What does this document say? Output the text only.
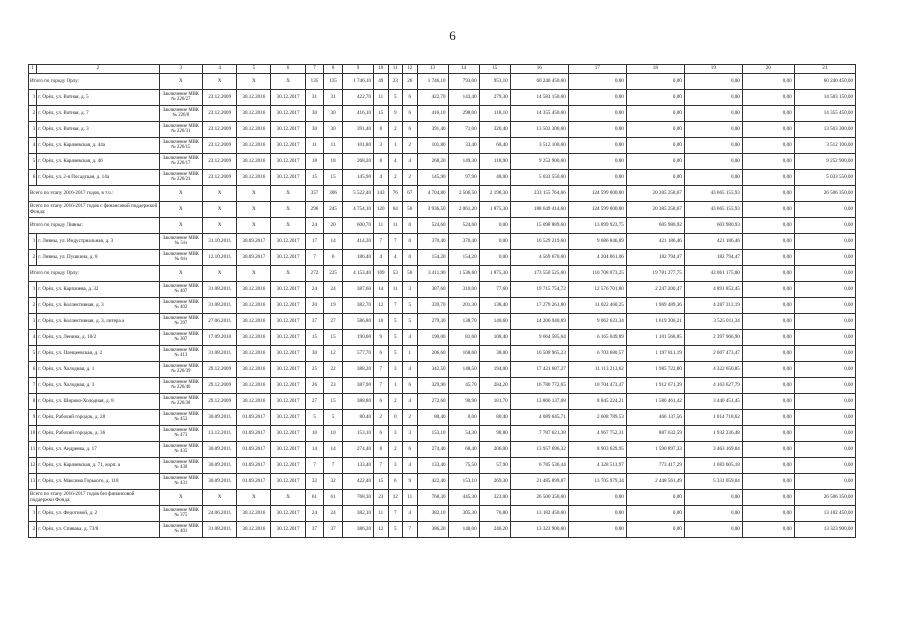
6
1	2	3	4	5	6	7	8	9	10	11	12	13	14	15	16	17	18	19	20	21
Итого по городу Орлу:		X	X	X	X	135	135	1 746,10	49	23	26	1 746,10	793,00	953,10	60 240 450,00	0,00	0,00	0,00	0,00	60 240 450,00
1	г. Орёл, ул. Ватная, д. 5	Заключение МВК № 226/27	23.12.2009	30.12.2016	30.12.2017	31	31	422,70	11	5	6	422,70	143,40	279,30	14 583 150,00	0,00	0,00	0,00	0,00	14 583 150,00
2	г. Орёл, ул. Ватная, д. 7	Заключение МВК № 226/8	23.12.2009	30.12.2016	30.12.2017	30	30	416,10	15	9	6	416,10	298,00	118,10	14 355 450,00	0,00	0,00	0,00	0,00	14 355 450,00
3	г. Орёл, ул. Ватная, д. 3	Заключение МВК № 226/31	23.12.2009	30.12.2016	30.12.2017	30	30	391,40	8	2	6	391,40	71,00	320,40	13 503 300,00	0,00	0,00	0,00	0,00	13 503 300,00
4	г. Орёл, ул. Карачевская, д. 44а	Заключение МВК № 226/15	23.12.2009	30.12.2016	30.12.2017	11	11	101,80	3	1	2	101,80	33,40	68,40	3 512 100,00	0,00	0,00	0,00	0,00	3 512 100,00
5	г. Орёл, ул. Карачевская, д. 46	Заключение МВК № 226/17	23.12.2009	30.12.2016	30.12.2017	18	18	268,20	8	4	4	268,20	149,30	118,90	9 252 900,00	0,00	0,00	0,00	0,00	9 252 900,00
6	г. Орёл, ул. 2-я Посадская, д. 14а	Заключение МВК № 226/21	23.12.2009	30.12.2016	30.12.2017	15	15	145,90	4	2	2	145,90	97,90	48,00	5 033 550,00	0,00	0,00	0,00	0,00	5 033 550,00
Всего по этапу 2016-2017 годов, в т.ч.:		X	X	X	X	357	306	5 522,40	143	76	67	4 704,80	2 506,50	2 198,30	233 155 764,66	124 599 000,00	20 285 258,67	43 665 155,93	0,00	26 506 350,00
Всего по этапу 2016-2017 годов с финансовой поддержкой Фонда:		X	X	X	X	296	245	4 754,10	120	64	56	3 936,50	2 061,20	1 875,30	188 649 414,60	124 599 000,00	20 385 258,67	43 665 155,93	0,00	0,00
Итого по городу Ливны:		X	X	X	X	24	20	600,70	11	11	0	524,60	524,60	0,00	15 098 889,60	13 899 923,75	605 980,92	603 980,93	0,00	0,00
1	г. Ливны, ул. Индустриальная, д. 3	Заключение МВК № 5/н	31.10.2011	30.09.2017	30.12.2017	17	14	414,30	7	7	0	370,40	370,40	0,00	10 529 219,60	9 686 846,09	421 186,46	421 186,46	0,00	0,00
2	г. Ливны, ул. Пушкина, д. 8	Заключение МВК № 6/н	12.10.2011	30.09.2017	30.12.2017	7	6	186,40	4	4	0	154,20	154,20	0,00	4 569 670,00	4 204 061,06	182 794,47	182 794,47	0,00	0,00
Итого по городу Орлу:		X	X	X	X	272	225	4 153,40	109	53	56	3 411,90	1 536,60	1 875,30	173 550 525,00	110 708 073,25	19 781 277,75	43 061 175,00	0,00	0,00
1	г. Орёл, ул. Карпачева, д. 32	Заключение МВК № 407	31.08.2011	30.12.2016	30.12.2017	24	24	387,60	14	11	3	387,60	310,00	77,60	19 715 754,72	12 576 701,80	2 247 200,47	4 891 852,45	0,00	0,00
2	г. Орёл, ул. Коллективная, д. 3	Заключение МВК № 402	31.08.2011	30.12.2016	30.12.2017	20	19	382,70	12	7	5	339,70	201,30	138,40	17 279 261,80	11 022 460,25	1 969 489,36	4 287 312,19	0,00	0,00
3	г. Орёл, ул. Коллективная, д. 3, литера а	Заключение МВК № 397	27.06.2011	30.12.2016	30.12.2017	37	27	586,80	10	5	5	279,30	138,70	140,60	14 206 940,89	9 062 623,34	1 619 306,21	3 525 011,34	0,00	0,00
4	г. Орёл, ул. Ленина, д. 18/2	Заключение МВК № 307	17.09.2010	30.12.2016	30.12.2017	15	15	190,00	9	5	4	190,00	81,60	108,40	9 664 585,64	6 165 049,89	1 101 568,85	2 397 966,90	0,00	0,00
5	г. Орёл, ул. Плещеевская, д. 2	Заключение МВК № 413	31.08.2011	30.12.2016	30.12.2017	30	12	577,70	6	5	1	206,60	168,60	38,00	10 508 965,23	6 703 680,57	1 197 811,19	2 607 473,47	0,00	0,00
6	г. Орёл, ул. Холодная, д. 1	Заключение МВК № 226/39	29.12.2009	30.12.2016	30.12.2017	25	22	388,20	7	3	4	342,50	148,50	194,00	17 421 687,27	11 113 213,62	1 985 722,80	4 322 650,85	0,00	0,00
7	г. Орёл, ул. Холодная, д. 3	Заключение МВК № 226/40	29.12.2009	30.12.2016	30.12.2017	26	23	387,90	7	1	6	329,90	45,70	284,20	16 780 772,65	10 704 473,47	1 912 671,39	4 163 627,79	0,00	0,00
8	г. Орёл, ул. Широко-Холодная, д. 8	Заключение МВК № 226/38	29.12.2009	30.12.2016	30.12.2017	27	15	388,80	6	2	4	272,60	90,90	181,70	13 866 137,08	8 845 224,21	1 580 461,42	3 440 451,45	0,00	0,00
9	г. Орёл, Рабочий городок, д. 28	Заключение МВК № 452	30.09.2011	01.09.2017	30.12.2017	5	5	80,40	2	0	2	80,40	0,00	80,40	4 089 645,71	2 608 789,53	466 137,56	1 014 718,62	0,00	0,00
10	г. Орёл, Рабочий городок, д. 36	Заключение МВК № 473	13.12.2011	01.09.2017	30.12.2017	10	10	153,10	6	3	3	153,10	54,30	98,80	7 787 621,38	4 967 752,31	887 632,59	1 932 236,48	0,00	0,00
11	г. Орёл, ул. Андреева, д. 17	Заключение МВК № 435	30.09.2011	01.09.2017	30.12.2017	14	14	274,40	8	2	6	274,40	68,40	206,00	13 957 696,32	8 903 629,95	1 590 897,33	3 463 169,04	0,00	0,00
12	г. Орёл, ул. Карачевская, д. 71, корп. а	Заключение МВК № 430	30.09.2011	01.09.2017	30.12.2017	7	7	133,40	7	3	4	133,40	75,50	57,90	6 785 536,44	4 328 513,97	773 417,29	1 683 605,18	0,00	0,00
13	г. Орёл, ул. Максима Горького, д. 118	Заключение МВК № 431	30.09.2011	01.09.2017	30.12.2017	32	32	422,40	15	6	9	422,40	153,10	269,30	21 485 899,87	13 705 979,34	2 448 561,49	5 331 059,04	0,00	0,00
Всего по этапу 2016-2017 годов без финансовой поддержки Фонда:		X	X	X	X	61	61	768,30	23	12	11	768,30	445,30	323,00	26 506 350,00	0,00	0,00	0,00	0,00	26 506 350,00
1	г. Орёл, ул. Федотовой, д. 2	Заключение МВК № 375	24.06.2011	30.12.2016	30.12.2017	24	24	382,10	11	7	4	382,10	305,30	76,80	13 182 450,00	0,00	0,00	0,00	0,00	13 182 450,00
2	г. Орёл, ул. Спивака, д. 73/8	Заключение МВК № 401	31.08.2011	30.12.2016	30.12.2017	37	37	386,20	12	5	7	386,20	140,00	246,20	13 323 900,00	0,00	0,00	0,00	0,00	13 323 900,00
